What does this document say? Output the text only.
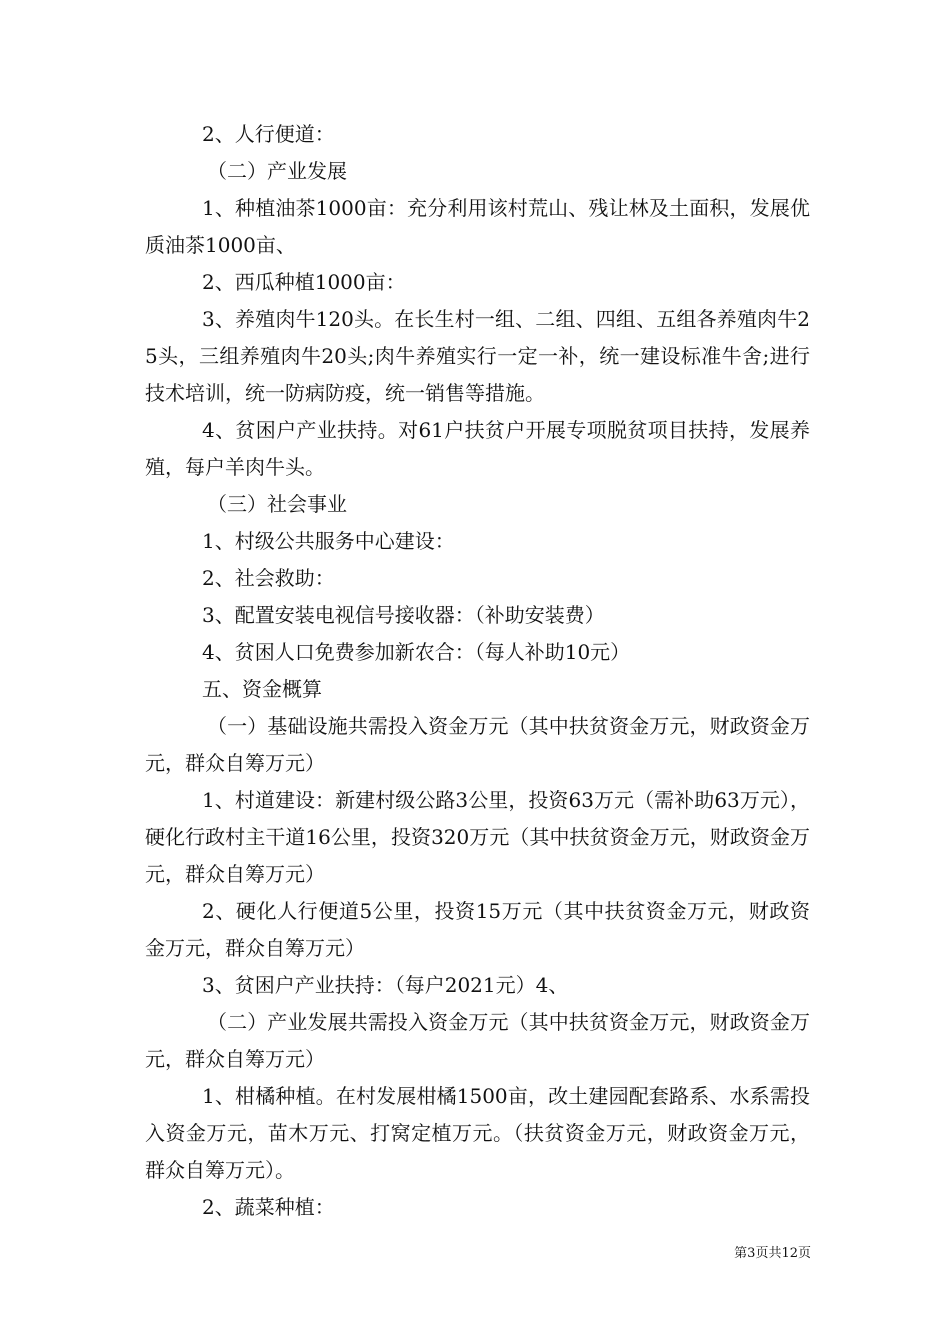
2、人行便道：

（二）产业发展

1、种植油茶1000亩：充分利用该村荒山、残让林及土面积，发展优质油茶1000亩、

2、西瓜种植1000亩：

3、养殖肉牛120头。在长生村一组、二组、四组、五组各养殖肉牛25头，三组养殖肉牛20头;肉牛养殖实行一定一补，统一建设标准牛舍;进行技术培训，统一防病防疫，统一销售等措施。

4、贫困户产业扶持。对61户扶贫户开展专项脱贫项目扶持，发展养殖，每户羊肉牛头。

（三）社会事业

1、村级公共服务中心建设：

2、社会救助：

3、配置安装电视信号接收器：（补助安装费）

4、贫困人口免费参加新农合：（每人补助10元）

五、资金概算

（一）基础设施共需投入资金万元（其中扶贫资金万元，财政资金万元，群众自筹万元）

1、村道建设：新建村级公路3公里，投资63万元（需补助63万元），硬化行政村主干道16公里，投资320万元（其中扶贫资金万元，财政资金万元，群众自筹万元）

2、硬化人行便道5公里，投资15万元（其中扶贫资金万元，财政资金万元，群众自筹万元）

3、贫困户产业扶持：（每户2021元）4、

（二）产业发展共需投入资金万元（其中扶贫资金万元，财政资金万元，群众自筹万元）

1、柑橘种植。在村发展柑橘1500亩，改土建园配套路系、水系需投入资金万元，苗木万元、打窝定植万元。（扶贫资金万元，财政资金万元，群众自筹万元）。

2、蔬菜种植：

第3页共12页
